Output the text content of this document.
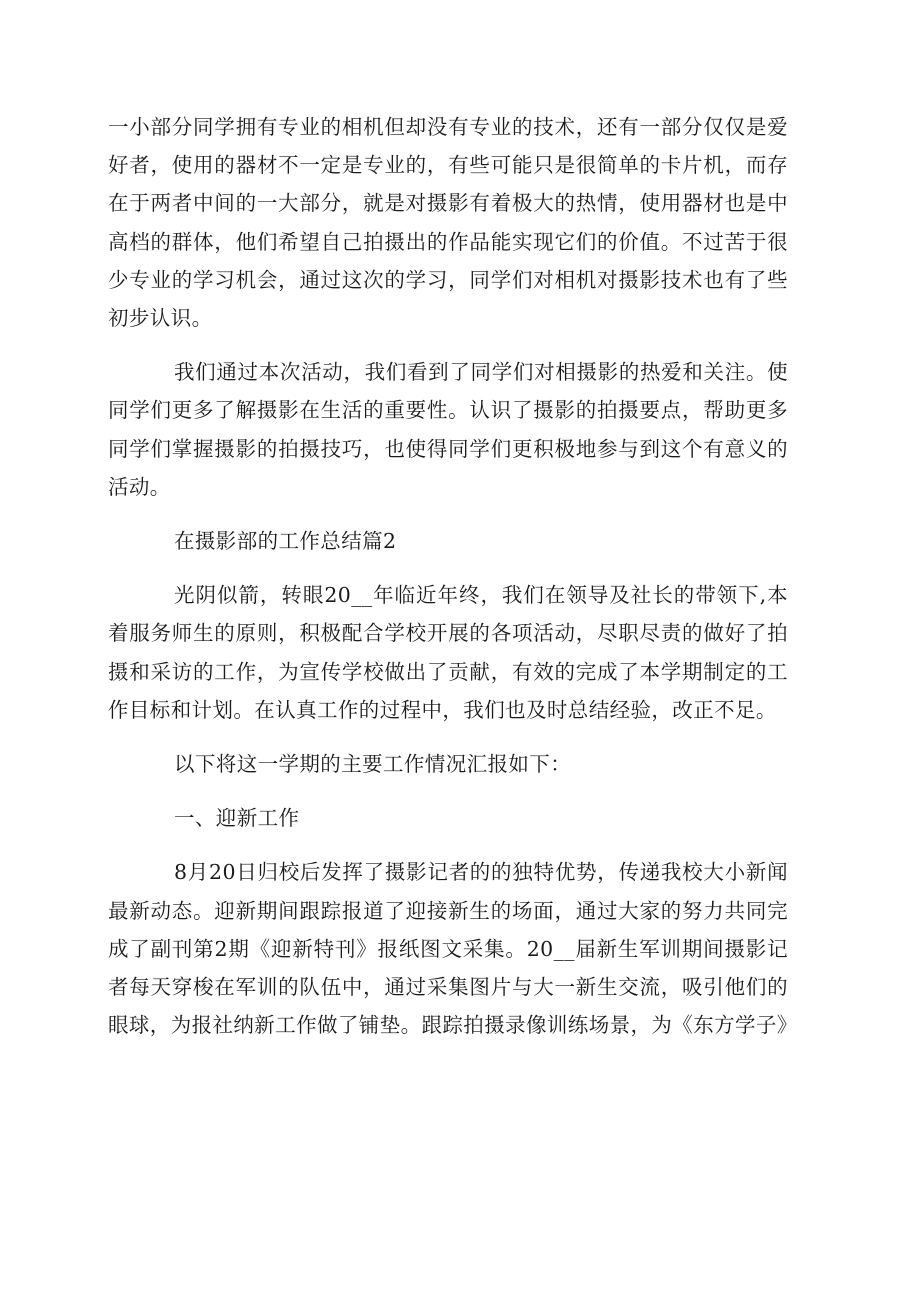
一小部分同学拥有专业的相机但却没有专业的技术，还有一部分仅仅是爱好者，使用的器材不一定是专业的，有些可能只是很简单的卡片机，而存在于两者中间的一大部分，就是对摄影有着极大的热情，使用器材也是中高档的群体，他们希望自己拍摄出的作品能实现它们的价值。不过苦于很少专业的学习机会，通过这次的学习，同学们对相机对摄影技术也有了些初步认识。

我们通过本次活动，我们看到了同学们对相摄影的热爱和关注。使同学们更多了解摄影在生活的重要性。认识了摄影的拍摄要点，帮助更多同学们掌握摄影的拍摄技巧，也使得同学们更积极地参与到这个有意义的活动。

在摄影部的工作总结篇2

光阴似箭，转眼20__年临近年终，我们在领导及社长的带领下,本着服务师生的原则，积极配合学校开展的各项活动，尽职尽责的做好了拍摄和采访的工作，为宣传学校做出了贡献，有效的完成了本学期制定的工作目标和计划。在认真工作的过程中，我们也及时总结经验，改正不足。

以下将这一学期的主要工作情况汇报如下：

一、迎新工作

8月20日归校后发挥了摄影记者的的独特优势，传递我校大小新闻最新动态。迎新期间跟踪报道了迎接新生的场面，通过大家的努力共同完成了副刊第2期《迎新特刊》报纸图文采集。20__届新生军训期间摄影记者每天穿梭在军训的队伍中，通过采集图片与大一新生交流，吸引他们的眼球，为报社纳新工作做了铺垫。跟踪拍摄录像训练场景，为《东方学子》
